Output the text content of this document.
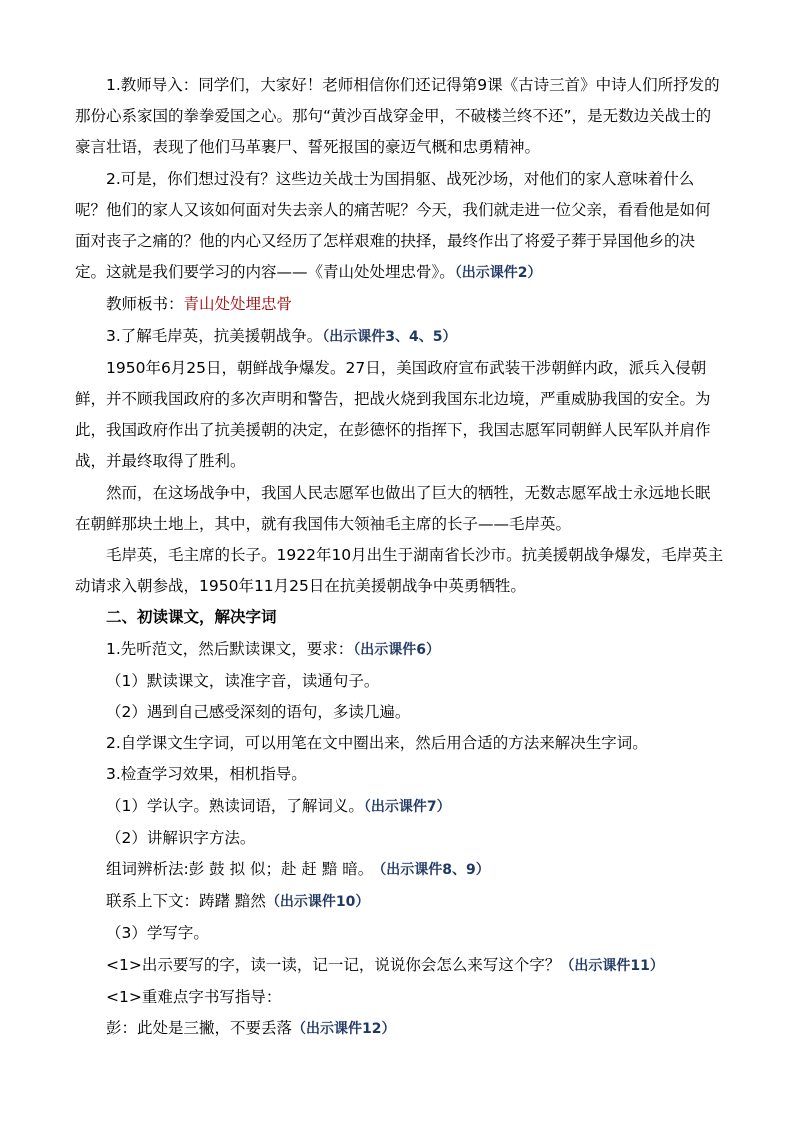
1.教师导入：同学们，大家好！老师相信你们还记得第9课《古诗三首》中诗人们所抒发的那份心系家国的拳拳爱国之心。那句“黄沙百战穿金甲，不破楼兰终不还”，是无数边关战士的豪言壮语，表现了他们马革裹尸、誓死报国的豪迈气概和忠勇精神。

2.可是，你们想过没有？这些边关战士为国捐躯、战死沙场，对他们的家人意味着什么呢？他们的家人又该如何面对失去亲人的痛苦呢？今天，我们就走进一位父亲，看看他是如何面对丧子之痛的？他的内心又经历了怎样艰难的抉择，最终作出了将爱子葬于异国他乡的决定。这就是我们要学习的内容——《青山处处埋忠骨》。（出示课件2）

教师板书：青山处处埋忠骨

3.了解毛岸英，抗美援朝战争。（出示课件3、4、5）

1950年6月25日，朝鲜战争爆发。27日，美国政府宣布武装干涉朝鲜内政，派兵入侵朝鲜，并不顾我国政府的多次声明和警告，把战火烧到我国东北边境，严重威胁我国的安全。为此，我国政府作出了抗美援朝的决定，在彭德怀的指挥下，我国志愿军同朝鲜人民军队并肩作战，并最终取得了胜利。

然而，在这场战争中，我国人民志愿军也做出了巨大的牺牲，无数志愿军战士永远地长眠在朝鲜那块土地上，其中，就有我国伟大领袖毛主席的长子——毛岸英。

毛岸英，毛主席的长子。1922年10月出生于湖南省长沙市。抗美援朝战争爆发，毛岸英主动请求入朝参战，1950年11月25日在抗美援朝战争中英勇牺牲。

二、初读课文，解决字词

1.先听范文，然后默读课文，要求：（出示课件6）

（1）默读课文，读准字音，读通句子。

（2）遇到自己感受深刻的语句，多读几遍。

2.自学课文生字词，可以用笔在文中圈出来，然后用合适的方法来解决生字词。

3.检查学习效果，相机指导。

（1）学认字。熟读词语，了解词义。（出示课件7）

（2）讲解识字方法。

组词辨析法:彭 鼓 拟 似；赴 赶 黯 暗。 （出示课件8、9）

联系上下文：踌躇 黯然（出示课件10）

（3）学写字。

<1>出示要写的字，读一读，记一记，说说你会怎么来写这个字？（出示课件11）

<1>重难点字书写指导：

彭：此处是三撇，不要丢落（出示课件12）
